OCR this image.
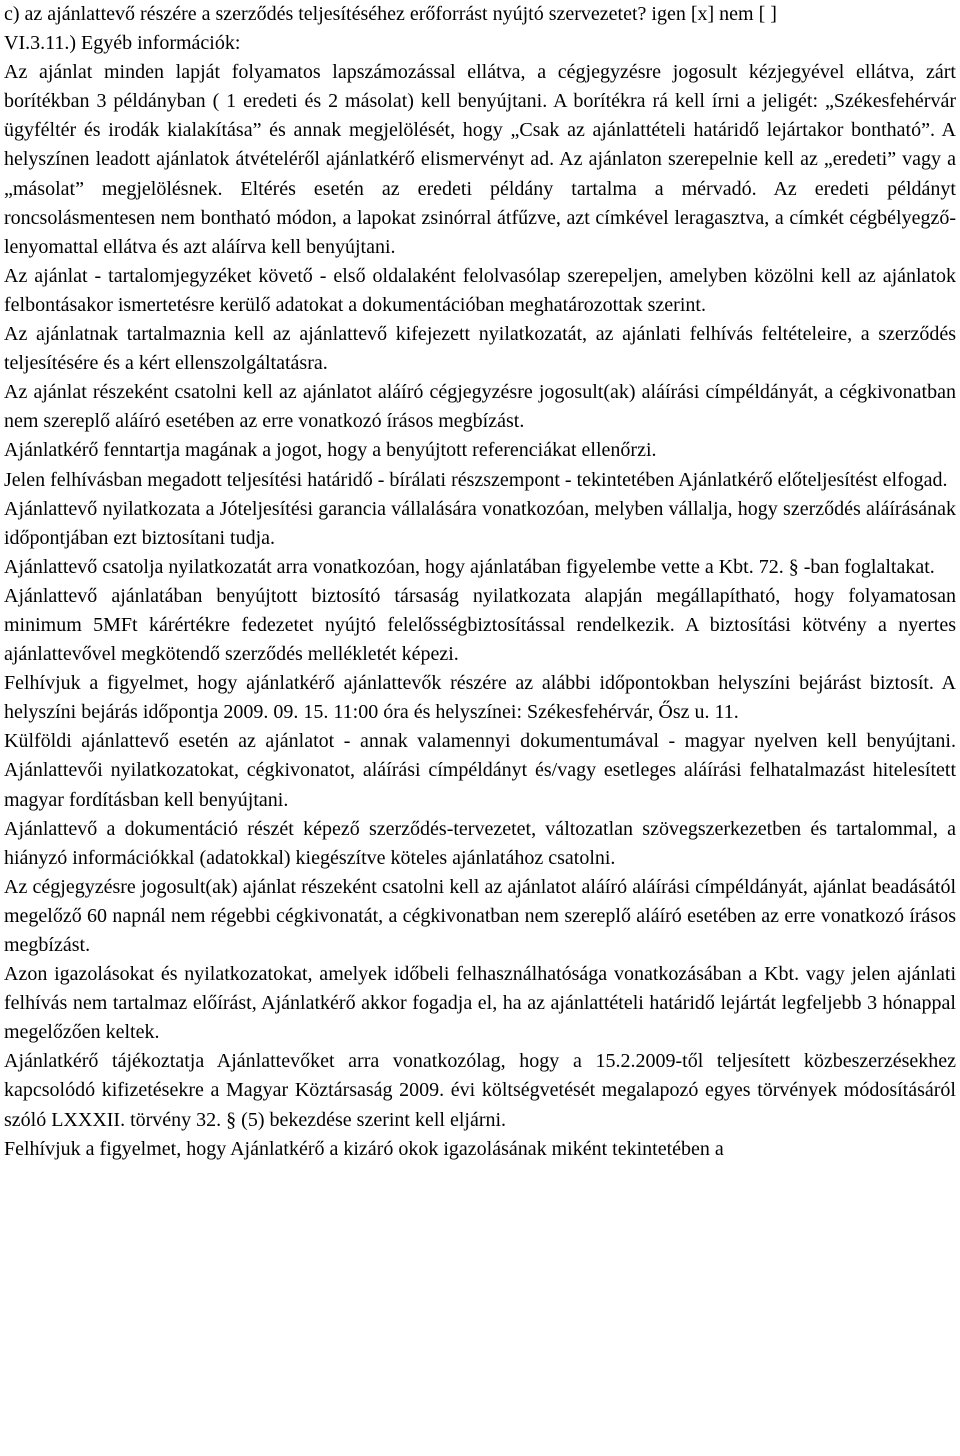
c) az ajánlattevő részére a szerződés teljesítéséhez erőforrást nyújtó szervezetet? igen [x] nem [ ]

VI.3.11.) Egyéb információk:

Az ajánlat minden lapját folyamatos lapszámozással ellátva, a cégjegyzésre jogosult kézjegyével ellátva, zárt borítékban 3 példányban ( 1 eredeti és 2 másolat) kell benyújtani. A borítékra rá kell írni a jeligét: „Székesfehérvár ügyféltér és irodák kialakítása” és annak megjelölését, hogy „Csak az ajánlattételi határidő lejártakor bontható”. A helyszínen leadott ajánlatok átvételéről ajánlatkérő elismervényt ad. Az ajánlaton szerepelnie kell az „eredeti” vagy a „másolat” megjelölésnek. Eltérés esetén az eredeti példány tartalma a mérvadó. Az eredeti példányt roncsolásmentesen nem bontható módon, a lapokat zsinórral átfűzve, azt címkével leragasztva, a címkét cégbélyegző-lenyomattal ellátva és azt aláírva kell benyújtani.

Az ajánlat - tartalomjegyzéket követő - első oldalaként felolvasólap szerepeljen, amelyben közölni kell az ajánlatok felbontásakor ismertetésre kerülő adatokat a dokumentációban meghatározottak szerint.

Az ajánlatnak tartalmaznia kell az ajánlattevő kifejezett nyilatkozatát, az ajánlati felhívás feltételeire, a szerződés teljesítésére és a kért ellenszolgáltatásra.

Az ajánlat részeként csatolni kell az ajánlatot aláíró cégjegyzésre jogosult(ak) aláírási címpéldányát, a cégkivonatban nem szereplő aláíró esetében az erre vonatkozó írásos megbízást.

Ajánlatkérő fenntartja magának a jogot, hogy a benyújtott referenciákat ellenőrzi.

Jelen felhívásban megadott teljesítési határidő - bírálati részszempont - tekintetében Ajánlatkérő előteljesítést elfogad.

Ajánlattevő nyilatkozata a Jóteljesítési garancia vállalására vonatkozóan, melyben vállalja, hogy szerződés aláírásának időpontjában ezt biztosítani tudja.

Ajánlattevő csatolja nyilatkozatát arra vonatkozóan, hogy ajánlatában figyelembe vette a Kbt. 72. § -ban foglaltakat.

Ajánlattevő ajánlatában benyújtott biztosító társaság nyilatkozata alapján megállapítható, hogy folyamatosan minimum 5MFt kárértékre fedezetet nyújtó felelősségbiztosítással rendelkezik. A biztosítási kötvény a nyertes ajánlattevővel megkötendő szerződés mellékletét képezi.

Felhívjuk a figyelmet, hogy ajánlatkérő ajánlattevők részére az alábbi időpontokban helyszíni bejárást biztosít. A helyszíni bejárás időpontja 2009. 09. 15. 11:00 óra és helyszínei: Székesfehérvár, Ősz u. 11.

Külföldi ajánlattevő esetén az ajánlatot - annak valamennyi dokumentumával - magyar nyelven kell benyújtani. Ajánlattevői nyilatkozatokat, cégkivonatot, aláírási címpéldányt és/vagy esetleges aláírási felhatalmazást hitelesített magyar fordításban kell benyújtani.

Ajánlattevő a dokumentáció részét képező szerződés-tervezetet, változatlan szövegszerkezetben és tartalommal, a hiányzó információkkal (adatokkal) kiegészítve köteles ajánlatához csatolni.

Az cégjegyzésre jogosult(ak) ajánlat részeként csatolni kell az ajánlatot aláíró aláírási címpéldányát, ajánlat beadásától megelőző 60 napnál nem régebbi cégkivonatát, a cégkivonatban nem szereplő aláíró esetében az erre vonatkozó írásos megbízást.

Azon igazolásokat és nyilatkozatokat, amelyek időbeli felhasználhatósága vonatkozásában a Kbt. vagy jelen ajánlati felhívás nem tartalmaz előírást, Ajánlatkérő akkor fogadja el, ha az ajánlattételi határidő lejártát legfeljebb 3 hónappal megelőzően keltek.

Ajánlatkérő tájékoztatja Ajánlattevőket arra vonatkozólag, hogy a 15.2.2009-től teljesített közbeszerzésekhez kapcsolódó kifizetésekre a Magyar Köztársaság 2009. évi költségvetését megalapozó egyes törvények módosításáról szóló LXXXII. törvény 32. § (5) bekezdése szerint kell eljárni.

Felhívjuk a figyelmet, hogy Ajánlatkérő a kizáró okok igazolásának miként tekintetében a
